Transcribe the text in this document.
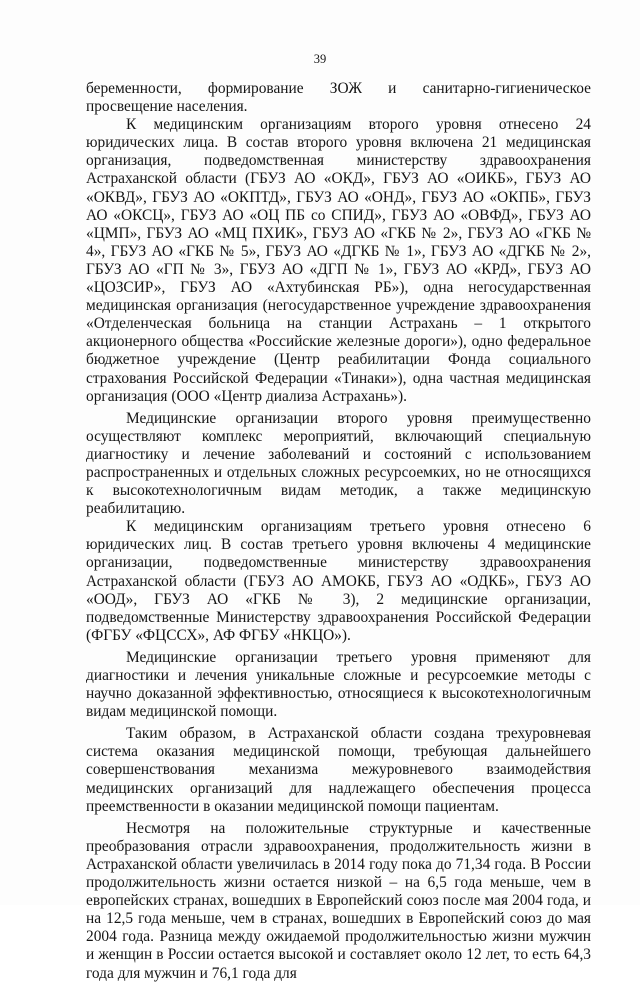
39

беременности, формирование ЗОЖ и санитарно-гигиеническое просвещение населения.

К медицинским организациям второго уровня отнесено 24 юридических лица. В состав второго уровня включена 21 медицинская организация, подведомственная министерству здравоохранения Астраханской области (ГБУЗ АО «ОКД», ГБУЗ АО «ОИКБ», ГБУЗ АО «ОКВД», ГБУЗ АО «ОКПТД», ГБУЗ АО «ОНД», ГБУЗ АО «ОКПБ», ГБУЗ АО «ОКСЦ», ГБУЗ АО «ОЦ ПБ со СПИД», ГБУЗ АО «ОВФД», ГБУЗ АО «ЦМП», ГБУЗ АО «МЦ ПХИК», ГБУЗ АО «ГКБ № 2», ГБУЗ АО «ГКБ № 4», ГБУЗ АО «ГКБ № 5», ГБУЗ АО «ДГКБ № 1», ГБУЗ АО «ДГКБ № 2», ГБУЗ АО «ГП № 3», ГБУЗ АО «ДГП № 1», ГБУЗ АО «КРД», ГБУЗ АО «ЦОЗСИР», ГБУЗ АО «Ахтубинская РБ»), одна негосударственная медицинская организация (негосударственное учреждение здравоохранения «Отделенческая больница на станции Астрахань – 1 открытого акционерного общества «Российские железные дороги»), одно федеральное бюджетное учреждение (Центр реабилитации Фонда социального страхования Российской Федерации «Тинаки»), одна частная медицинская организация (ООО «Центр диализа Астрахань»).

Медицинские организации второго уровня преимущественно осуществляют комплекс мероприятий, включающий специальную диагностику и лечение заболеваний и состояний с использованием распространенных и отдельных сложных ресурсоемких, но не относящихся к высокотехнологичным видам методик, а также медицинскую реабилитацию.

К медицинским организациям третьего уровня отнесено 6 юридических лиц. В состав третьего уровня включены 4 медицинские организации, подведомственные министерству здравоохранения Астраханской области (ГБУЗ АО АМОКБ, ГБУЗ АО «ОДКБ», ГБУЗ АО «ООД», ГБУЗ АО «ГКБ № 3), 2 медицинские организации, подведомственные Министерству здравоохранения Российской Федерации (ФГБУ «ФЦССХ», АФ ФГБУ «НКЦО»).

Медицинские организации третьего уровня применяют для диагностики и лечения уникальные сложные и ресурсоемкие методы с научно доказанной эффективностью, относящиеся к высокотехнологичным видам медицинской помощи.

Таким образом, в Астраханской области создана трехуровневая система оказания медицинской помощи, требующая дальнейшего совершенствования механизма межуровневого взаимодействия медицинских организаций для надлежащего обеспечения процесса преемственности в оказании медицинской помощи пациентам.

Несмотря на положительные структурные и качественные преобразования отрасли здравоохранения, продолжительность жизни в Астраханской области увеличилась в 2014 году пока до 71,34 года. В России продолжительность жизни остается низкой – на 6,5 года меньше, чем в европейских странах, вошедших в Европейский союз после мая 2004 года, и на 12,5 года меньше, чем в странах, вошедших в Европейский союз до мая 2004 года. Разница между ожидаемой продолжительностью жизни мужчин и женщин в России остается высокой и составляет около 12 лет, то есть 64,3 года для мужчин и 76,1 года для
